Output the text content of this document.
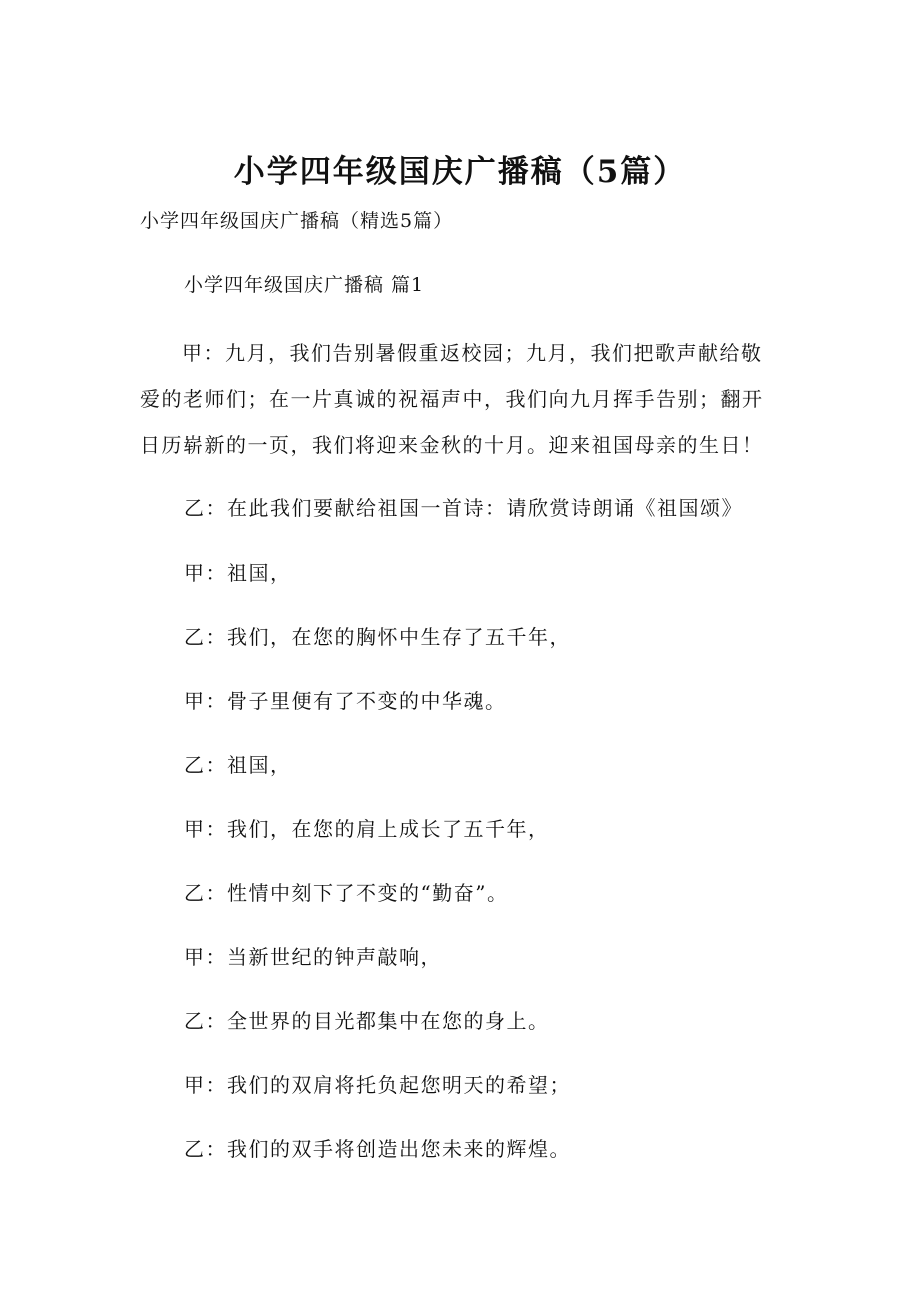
小学四年级国庆广播稿（5篇）
小学四年级国庆广播稿（精选5篇）
小学四年级国庆广播稿 篇1

甲：九月，我们告别暑假重返校园；九月，我们把歌声献给敬爱的老师们；在一片真诚的祝福声中，我们向九月挥手告别；翻开日历崭新的一页，我们将迎来金秋的十月。迎来祖国母亲的生日！

乙：在此我们要献给祖国一首诗：请欣赏诗朗诵《祖国颂》
甲：祖国，
乙：我们，在您的胸怀中生存了五千年，
甲：骨子里便有了不变的中华魂。
乙：祖国，
甲：我们，在您的肩上成长了五千年，
乙：性情中刻下了不变的“勤奋”。
甲：当新世纪的钟声敲响，
乙：全世界的目光都集中在您的身上。
甲：我们的双肩将托负起您明天的希望；
乙：我们的双手将创造出您未来的辉煌。
